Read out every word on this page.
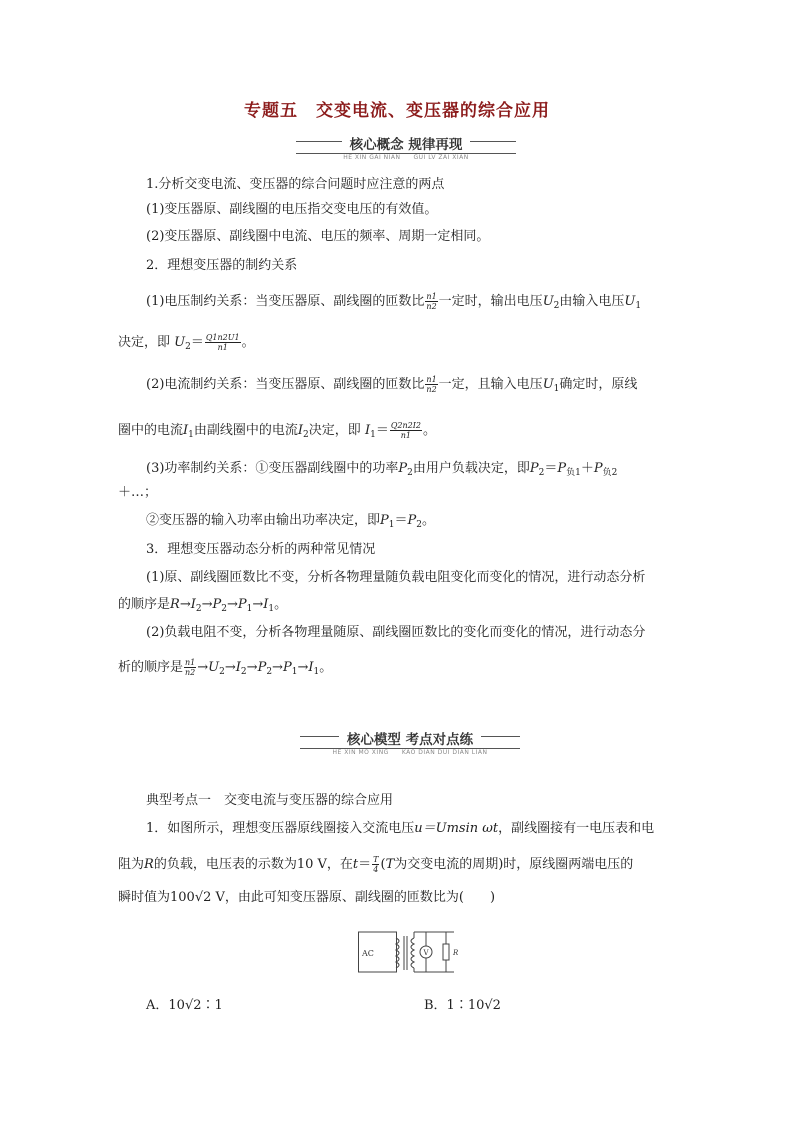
专题五　交变电流、变压器的综合应用
核心概念 规律再现
HE XIN GAI NIAN　　GUI LV ZAI XIAN
1.分析交变电流、变压器的综合问题时应注意的两点
(1)变压器原、副线圈的电压指交变电压的有效值。
(2)变压器原、副线圈中电流、电压的频率、周期一定相同。
2．理想变压器的制约关系
(1)电压制约关系：当变压器原、副线圈的匝数比 $\frac{n1}{n2}$ 一定时，输出电压$U_2$由输入电压$U_1$
决定，即 $U_2= \frac{Q1n2U1}{n1}$ 。
(2)电流制约关系：当变压器原、副线圈的匝数比 $\frac{n1}{n2}$ 一定，且输入电压$U_1$确定时，原线
圈中的电流$I_1$由副线圈中的电流$I_2$决定，即 $I_1= \frac{Q2n2I2}{n1}$ 。
(3)功率制约关系：①变压器副线圈中的功率$P_2$由用户负载决定，即$P_2=P_{负1}+P_{负2}$
＋…；
②变压器的输入功率由输出功率决定，即$P_1=P_2$。
3．理想变压器动态分析的两种常见情况
(1)原、副线圈匝数比不变，分析各物理量随负载电阻变化而变化的情况，进行动态分析
的顺序是$R\to I_2\to P_2\to P_1\to I_1$。
(2)负载电阻不变，分析各物理量随原、副线圈匝数比的变化而变化的情况，进行动态分
析的顺序是 $\frac{n1}{n2} \to U_2\to I_2\to P_2\to P_1\to I_1$。
核心模型 考点对点练
HE XIN MO XING　　KAO DIAN DUI DIAN LIAN
典型考点一　交变电流与变压器的综合应用
1．如图所示，理想变压器原线圈接入交流电压u＝Umsin ωt，副线圈接有一电压表和电
阻为R的负载，电压表的示数为10 V，在$t= \frac{T}{4} (T$为交变电流的周期)时，原线圈两端电压的
瞬时值为100√2 V，由此可知变压器原、副线圈的匝数比为(　　)
AC	V	R
A．10√2∶1	B．1∶10√2
